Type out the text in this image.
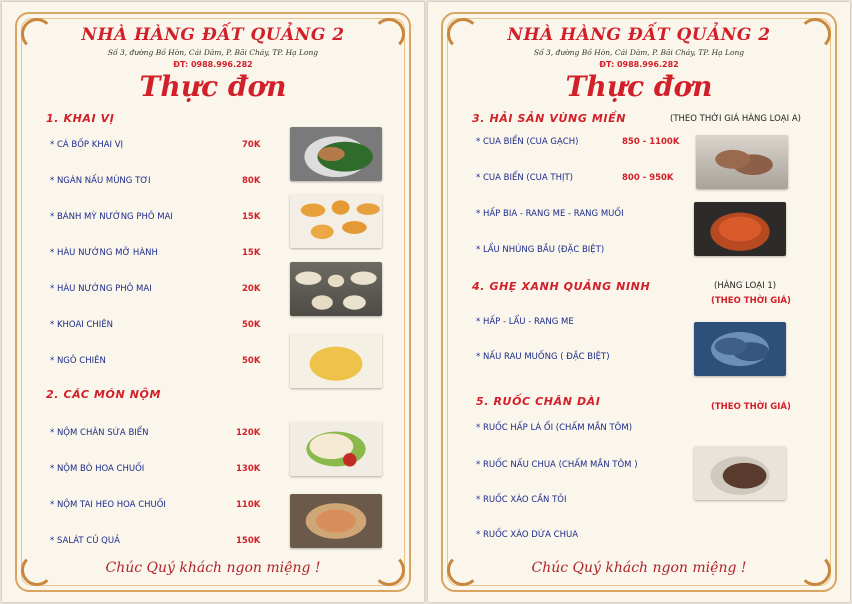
NHÀ HÀNG ĐẤT QUẢNG 2
Số 3, đường Bồ Hòn, Cái Dăm, P. Bãi Cháy, TP. Hạ Long
ĐT: 0988.996.282
Thực đơn
1. KHAI VỊ
* CÁ BỐP KHAI VỊ	70K
* NGÁN NẤU MÙNG TƠI	80K
* BÁNH MỲ NƯỚNG PHÔ MAI	15K
* HÀU NƯỚNG MỠ HÀNH	15K
* HÀU NƯỚNG PHÔ MAI	20K
* KHOAI CHIÊN	50K
* NGÔ CHIÊN	50K
2. CÁC MÓN NỘM
* NỘM CHÂN SỨA BIỂN	120K
* NỘM BÒ HOA CHUỐI	130K
* NỘM TAI HEO HOA CHUỐI	110K
* SALÁT CỦ QUẢ	150K
Chúc Quý khách ngon miệng !
NHÀ HÀNG ĐẤT QUẢNG 2
Số 3, đường Bồ Hòn, Cái Dăm, P. Bãi Cháy, TP. Hạ Long
ĐT: 0988.996.282
Thực đơn
3. HẢI SẢN VÙNG MIỀN	(THEO THỜI GIÁ HÀNG LOẠI A)
* CUA BIỂN (CUA GẠCH)	850 - 1100K
* CUA BIỂN (CUA THỊT)	800 - 950K
* HẤP BIA - RANG ME - RANG MUỐI
* LẨU NHÚNG BẦU (ĐẶC BIỆT)
4. GHẸ XANH QUẢNG NINH	(HÀNG LOẠI 1)
(THEO THỜI GIÁ)
* HẤP - LẨU - RANG ME
* NẤU RAU MUỐNG ( ĐẶC BIỆT)
5. RUỐC CHÂN DÀI	(THEO THỜI GIÁ)
* RUỐC HẤP LÁ ỔI (CHẤM MẮN TÔM)
* RUỐC NẤU CHUA (CHẤM MẮN TÔM )
* RUỐC XÀO CẦN TỎI
* RUỐC XÀO DỨA CHUA
Chúc Quý khách ngon miệng !
